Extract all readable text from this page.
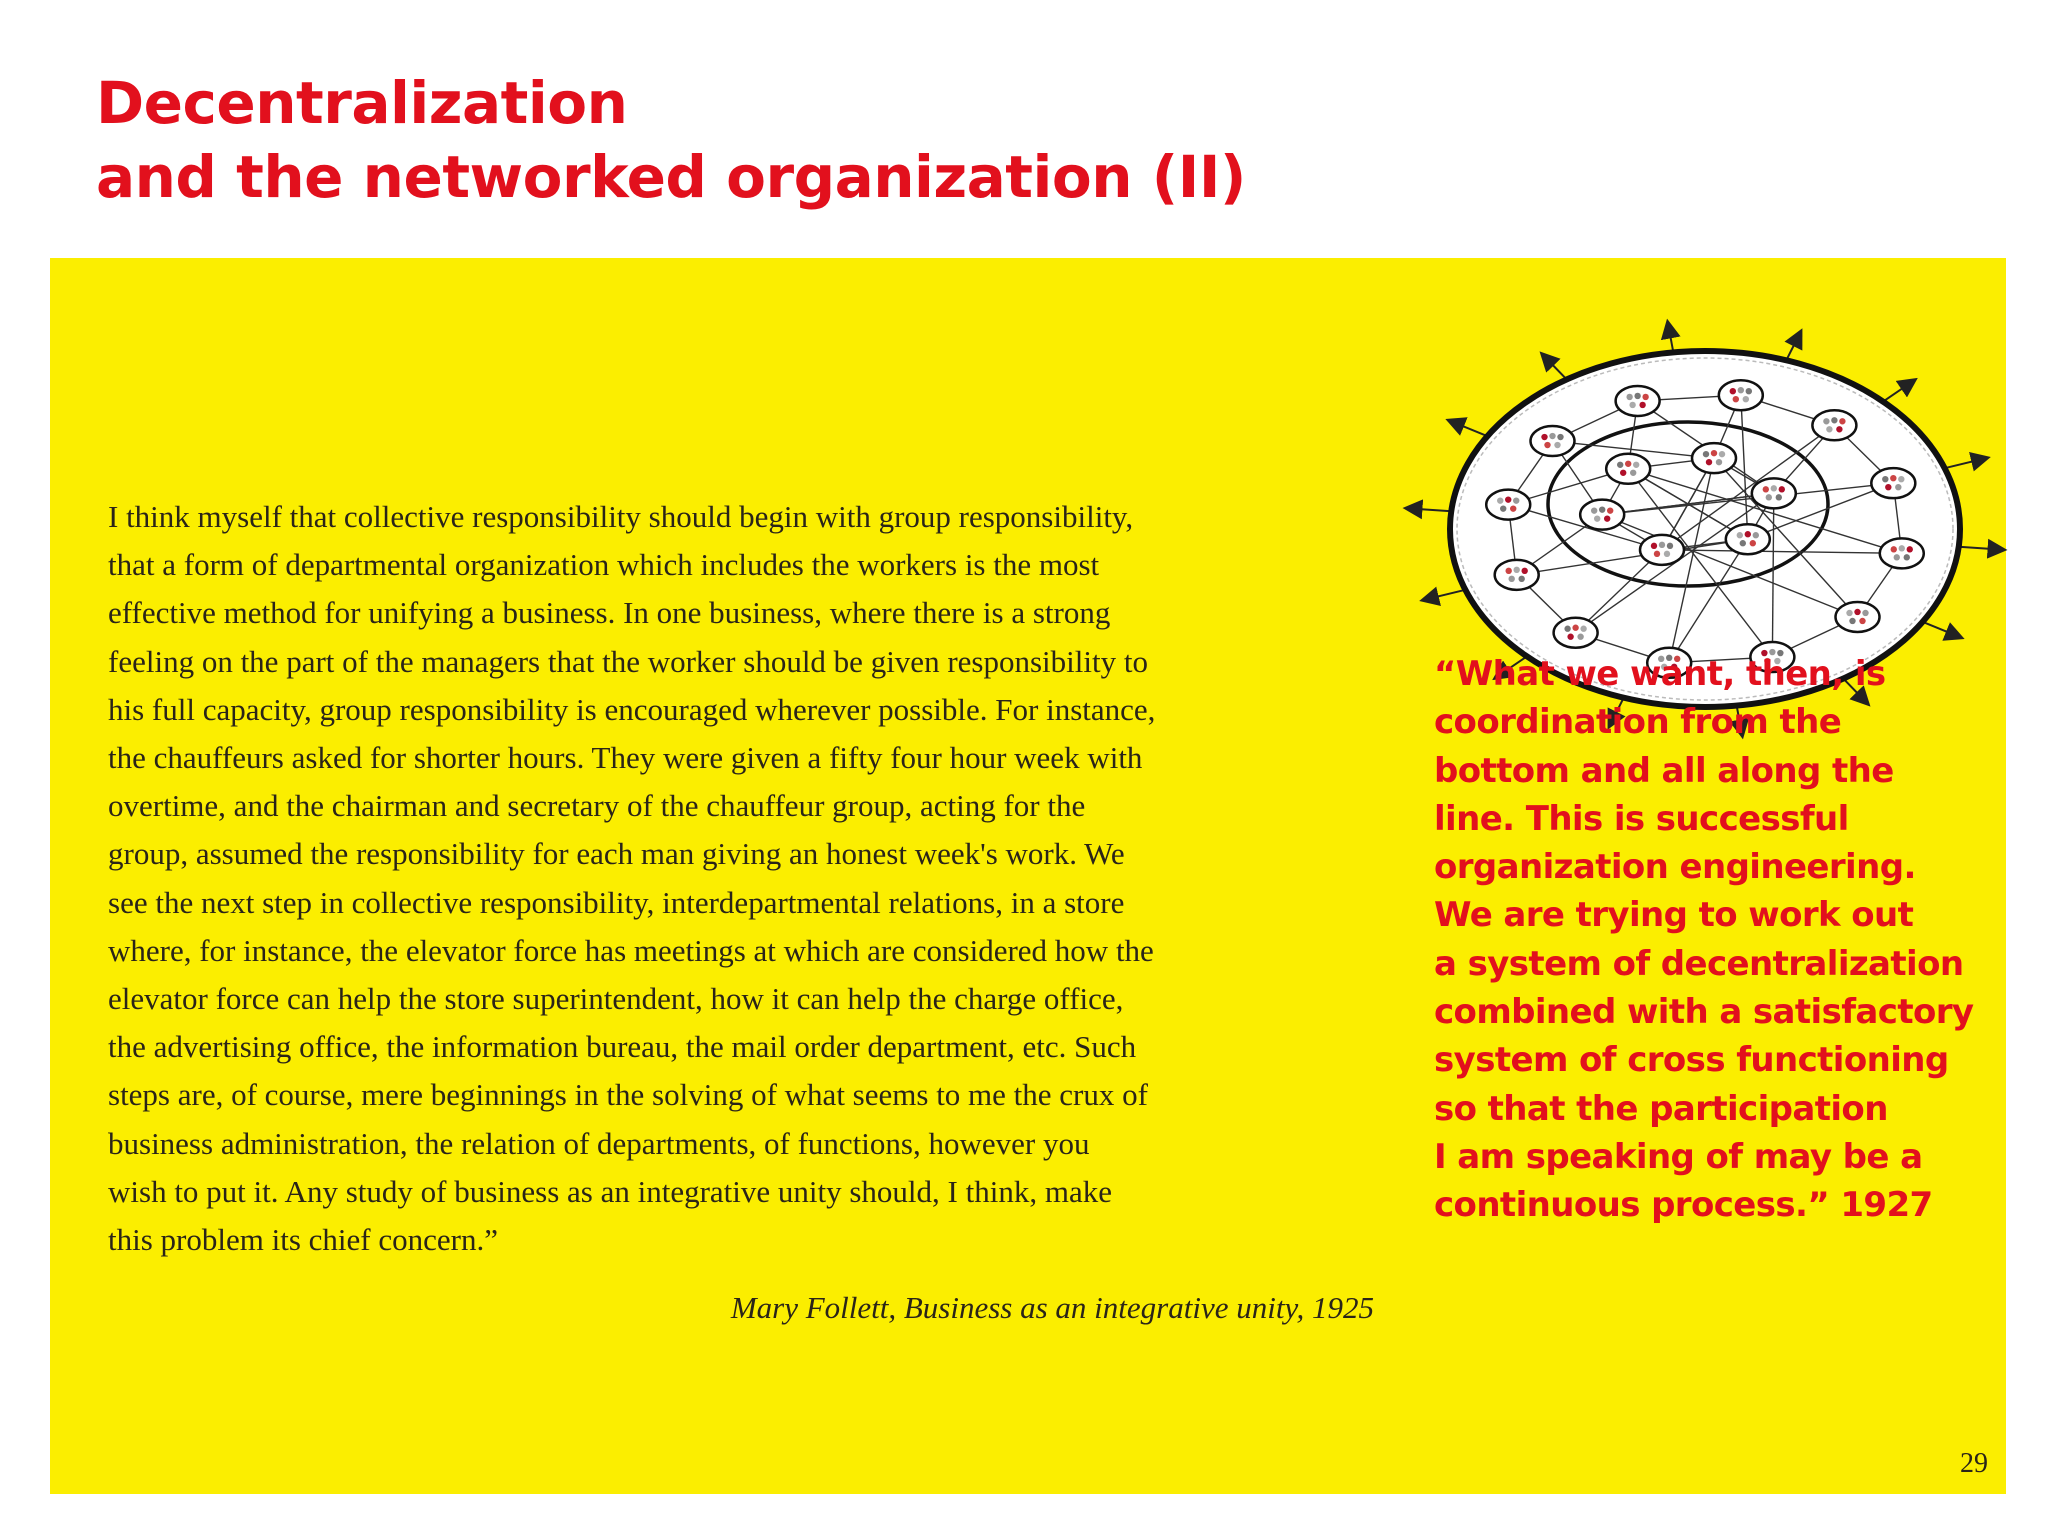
Decentralization
and the networked organization (II)
I think myself that collective responsibility should begin with group responsibility,
that a form of departmental organization which includes the workers is the most
effective method for unifying a business. In one business, where there is a strong
feeling on the part of the managers that the worker should be given responsibility to
his full capacity, group responsibility is encouraged wherever possible. For instance,
the chauffeurs asked for shorter hours. They were given a fifty four hour week with
overtime, and the chairman and secretary of the chauffeur group, acting for the
group, assumed the responsibility for each man giving an honest week's work. We
see the next step in collective responsibility, interdepartmental relations, in a store
where, for instance, the elevator force has meetings at which are considered how the
elevator force can help the store superintendent, how it can help the charge office,
the advertising office, the information bureau, the mail order department, etc. Such
steps are, of course, mere beginnings in the solving of what seems to me the crux of
business administration, the relation of departments, of functions, however you
wish to put it. Any study of business as an integrative unity should, I think, make
this problem its chief concern.”

Mary Follett, Business as an integrative unity, 1925

“What we want, then, is
coordination from the
bottom and all along the
line. This is successful
organization engineering.
We are trying to work out
a system of decentralization
combined with a satisfactory
system of cross functioning
so that the participation
I am speaking of may be a
continuous process.” 1927
29
